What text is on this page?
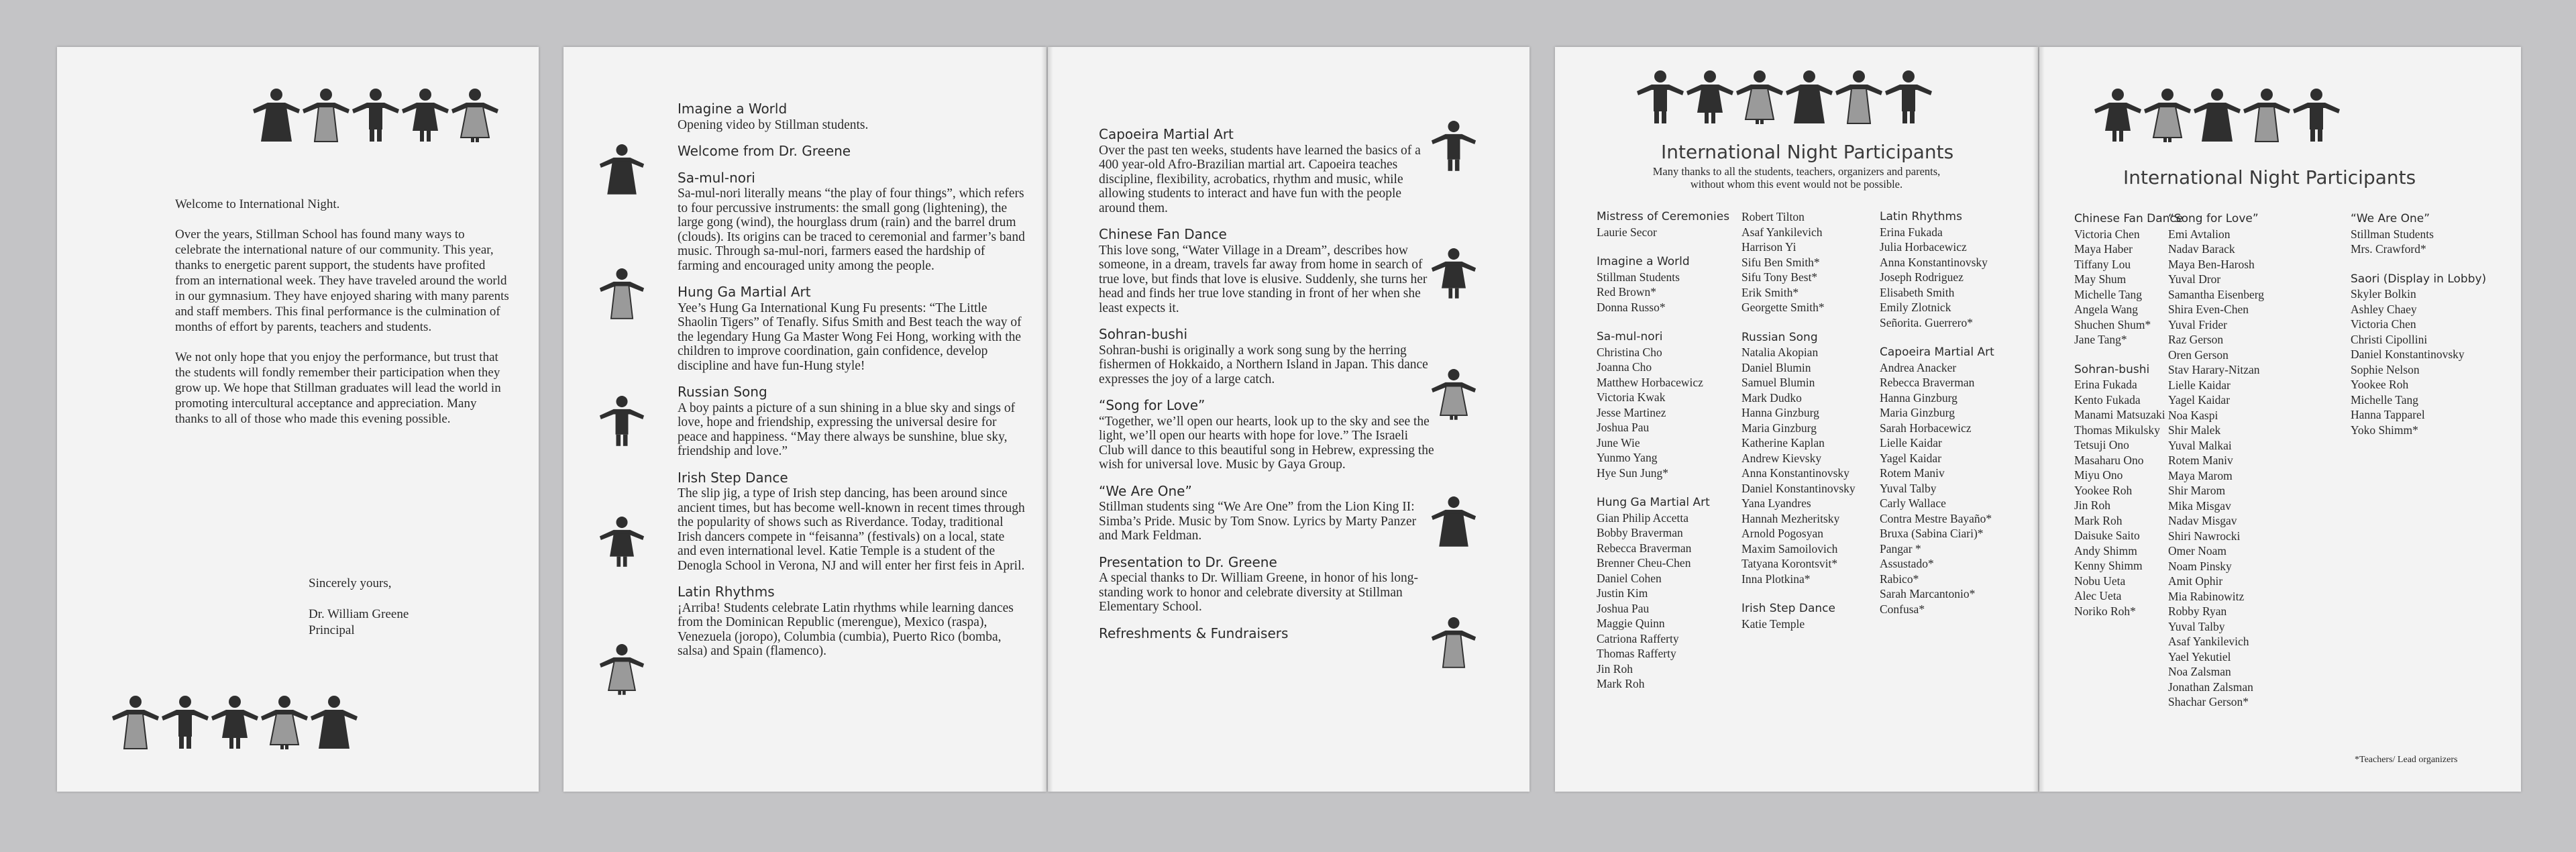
Welcome to International Night.

Over the years, Stillman School has found many ways to celebrate the international nature of our community. This year, thanks to energetic parent support, the students have profited from an international week. They have traveled around the world in our gymnasium. They have enjoyed sharing with many parents and staff members. This final performance is the culmination of months of effort by parents, teachers and students.

We not only hope that you enjoy the performance, but trust that the students will fondly remember their participation when they grow up. We hope that Stillman graduates will lead the world in promoting intercultural acceptance and appreciation. Many thanks to all of those who made this evening possible.

Sincerely yours,
Dr. William Greene
Principal
Imagine a World
Opening video by Stillman students.
Welcome from Dr. Greene
Sa-mul-nori
Sa-mul-nori literally means “the play of four things”, which refers to four percussive instruments: the small gong (lightening), the large gong (wind), the hourglass drum (rain) and the barrel drum (clouds). Its origins can be traced to ceremonial and farmer’s band music. Through sa-mul-nori, farmers eased the hardship of farming and encouraged unity among the people.
Hung Ga Martial Art
Yee’s Hung Ga International Kung Fu presents: “The Little Shaolin Tigers” of Tenafly. Sifus Smith and Best teach the way of the legendary Hung Ga Master Wong Fei Hong, working with the children to improve coordination, gain confidence, develop discipline and have fun-Hung style!
Russian Song
A boy paints a picture of a sun shining in a blue sky and sings of love, hope and friendship, expressing the universal desire for peace and happiness. “May there always be sunshine, blue sky, friendship and love.”
Irish Step Dance
The slip jig, a type of Irish step dancing, has been around since ancient times, but has become well-known in recent times through the popularity of shows such as Riverdance. Today, traditional Irish dancers compete in “feisanna” (festivals) on a local, state and even international level. Katie Temple is a student of the Denogla School in Verona, NJ and will enter her first feis in April.
Latin Rhythms
¡Arriba! Students celebrate Latin rhythms while learning dances from the Dominican Republic (merengue), Mexico (raspa), Venezuela (joropo), Columbia (cumbia), Puerto Rico (bomba, salsa) and Spain (flamenco).
Capoeira Martial Art
Over the past ten weeks, students have learned the basics of a 400 year-old Afro-Brazilian martial art. Capoeira teaches discipline, flexibility, acrobatics, rhythm and music, while allowing students to interact and have fun with the people around them.
Chinese Fan Dance
This love song, “Water Village in a Dream”, describes how someone, in a dream, travels far away from home in search of true love, but finds that love is elusive. Suddenly, she turns her head and finds her true love standing in front of her when she least expects it.
Sohran-bushi
Sohran-bushi is originally a work song sung by the herring fishermen of Hokkaido, a Northern Island in Japan. This dance expresses the joy of a large catch.
“Song for Love”
“Together, we’ll open our hearts, look up to the sky and see the light, we’ll open our hearts with hope for love.” The Israeli Club will dance to this beautiful song in Hebrew, expressing the wish for universal love. Music by Gaya Group.
“We Are One”
Stillman students sing “We Are One” from the Lion King II: Simba’s Pride. Music by Tom Snow. Lyrics by Marty Panzer and Mark Feldman.
Presentation to Dr. Greene
A special thanks to Dr. William Greene, in honor of his long-standing work to honor and celebrate diversity at Stillman Elementary School.
Refreshments & Fundraisers
International Night Participants
Many thanks to all the students, teachers, organizers and parents, without whom this event would not be possible.
Mistress of Ceremonies
Laurie Secor
Imagine a World
Stillman Students
Red Brown*
Donna Russo*
Sa-mul-nori
Christina Cho
Joanna Cho
Matthew Horbacewicz
Victoria Kwak
Jesse Martinez
Joshua Pau
June Wie
Yunmo Yang
Hye Sun Jung*
Hung Ga Martial Art
Gian Philip Accetta
Bobby Braverman
Rebecca Braverman
Brenner Cheu-Chen
Daniel Cohen
Justin Kim
Joshua Pau
Maggie Quinn
Catriona Rafferty
Thomas Rafferty
Jin Roh
Mark Roh
Robert Tilton
Asaf Yankilevich
Harrison Yi
Sifu Ben Smith*
Sifu Tony Best*
Erik Smith*
Georgette Smith*
Russian Song
Natalia Akopian
Daniel Blumin
Samuel Blumin
Mark Dudko
Hanna Ginzburg
Maria Ginzburg
Katherine Kaplan
Andrew Kievsky
Anna Konstantinovsky
Daniel Konstantinovsky
Yana Lyandres
Hannah Mezheritsky
Arnold Pogosyan
Maxim Samoilovich
Tatyana Korontsvit*
Inna Plotkina*
Irish Step Dance
Katie Temple
Latin Rhythms
Erina Fukada
Julia Horbacewicz
Anna Konstantinovsky
Joseph Rodriguez
Elisabeth Smith
Emily Zlotnick
Señorita. Guerrero*
Capoeira Martial Art
Andrea Anacker
Rebecca Braverman
Hanna Ginzburg
Maria Ginzburg
Sarah Horbacewicz
Lielle Kaidar
Yagel Kaidar
Rotem Maniv
Yuval Talby
Carly Wallace
Contra Mestre Bayaño*
Bruxa (Sabina Ciari)*
Pangar *
Assustado*
Rabico*
Sarah Marcantonio*
Confusa*
International Night Participants
Chinese Fan Dance
Victoria Chen
Maya Haber
Tiffany Lou
May Shum
Michelle Tang
Angela Wang
Shuchen Shum*
Jane Tang*
Sohran-bushi
Erina Fukada
Kento Fukada
Manami Matsuzaki
Thomas Mikulsky
Tetsuji Ono
Masaharu Ono
Miyu Ono
Yookee Roh
Jin Roh
Mark Roh
Daisuke Saito
Andy Shimm
Kenny Shimm
Nobu Ueta
Alec Ueta
Noriko Roh*
“Song for Love”
Emi Avtalion
Nadav Barack
Maya Ben-Harosh
Yuval Dror
Samantha Eisenberg
Shira Even-Chen
Yuval Frider
Raz Gerson
Oren Gerson
Stav Harary-Nitzan
Lielle Kaidar
Yagel Kaidar
Noa Kaspi
Shir Malek
Yuval Malkai
Rotem Maniv
Maya Marom
Shir Marom
Mika Misgav
Nadav Misgav
Shiri Nawrocki
Omer Noam
Noam Pinsky
Amit Ophir
Mia Rabinowitz
Robby Ryan
Yuval Talby
Asaf Yankilevich
Yael Yekutiel
Noa Zalsman
Jonathan Zalsman
Shachar Gerson*
“We Are One”
Stillman Students
Mrs. Crawford*
Saori (Display in Lobby)
Skyler Bolkin
Ashley Chaey
Victoria Chen
Christi Cipollini
Daniel Konstantinovsky
Sophie Nelson
Yookee Roh
Michelle Tang
Hanna Tapparel
Yoko Shimm*
*Teachers/ Lead organizers
